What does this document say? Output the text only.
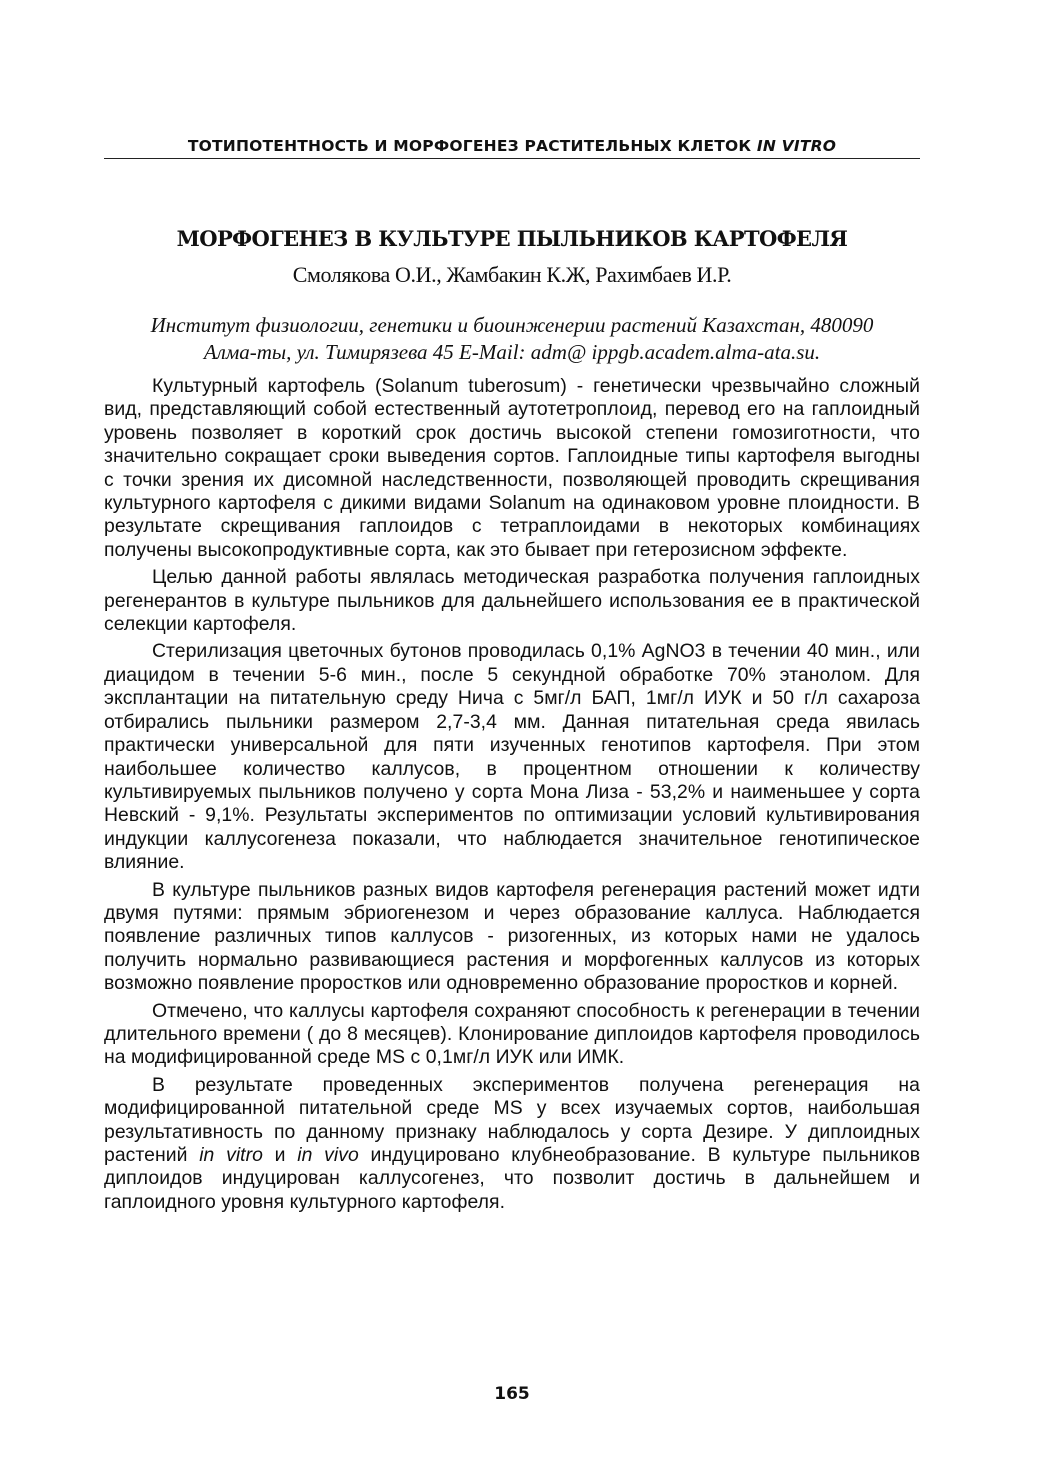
ТОТИПОТЕНТНОСТЬ И МОРФОГЕНЕЗ РАСТИТЕЛЬНЫХ КЛЕТОК IN VITRO
МОРФОГЕНЕЗ В КУЛЬТУРЕ ПЫЛЬНИКОВ КАРТОФЕЛЯ
Смолякова О.И., Жамбакин К.Ж, Рахимбаев И.Р.
Институт физиологии, генетики и биоинженерии растений Казахстан, 480090
Алма-ты, ул. Тимирязева 45 E-Mail: adm@ ippgb.academ.alma-ata.su.

Культурный картофель (Solanum tuberosum) - генетически чрезвычайно сложный вид, представляющий собой естественный аутотетроплоид, перевод его на гаплоидный уровень позволяет в короткий срок достичь высокой степени гомозиготности, что значительно сокращает сроки выведения сортов. Гаплоидные типы картофеля выгодны с точки зрения их дисомной наследственности, позволяющей проводить скрещивания культурного картофеля с дикими видами Solanum на одинаковом уровне плоидности. В результате скрещивания гаплоидов с тетраплоидами в некоторых комбинациях получены высокопродуктивные сорта, как это бывает при гетерозисном эффекте.

Целью данной работы являлась методическая разработка получения гаплоидных регенерантов в культуре пыльников для дальнейшего использования ее в практической селекции картофеля.

Стерилизация цветочных бутонов проводилась 0,1% AgNO3 в течении 40 мин., или диацидом в течении 5-6 мин., после 5 секундной обработке 70% этанолом. Для эксплантации на питательную среду Нича с 5мг/л БАП, 1мг/л ИУК и 50 г/л сахароза отбирались пыльники размером 2,7-3,4 мм. Данная питательная среда явилась практически универсальной для пяти изученных генотипов картофеля. При этом наибольшее количество каллусов, в процентном отношении к количеству культивируемых пыльников получено у сорта Мона Лиза - 53,2% и наименьшее у сорта Невский - 9,1%. Результаты экспериментов по оптимизации условий культивирования индукции каллусогенеза показали, что наблюдается значительное генотипическое влияние.

В культуре пыльников разных видов картофеля регенерация растений может идти двумя путями: прямым эбриогенезом и через образование каллуса. Наблюдается появление различных типов каллусов - ризогенных, из которых нами не удалось получить нормально развивающиеся растения и морфогенных каллусов из которых возможно появление проростков или одновременно образование проростков и корней.

Отмечено, что каллусы картофеля сохраняют способность к регенерации в течении длительного времени ( до 8 месяцев). Клонирование диплоидов картофеля проводилось на модифицированной среде MS с 0,1мг/л ИУК или ИМК.

В результате проведенных экспериментов получена регенерация на модифицированной питательной среде MS у всех изучаемых сортов, наибольшая результативность по данному признаку наблюдалось у сорта Дезире. У диплоидных растений in vitro и in vivo индуцировано клубнеобразование. В культуре пыльников диплоидов индуцирован каллусогенез, что позволит достичь в дальнейшем и гаплоидного уровня культурного картофеля.

165
